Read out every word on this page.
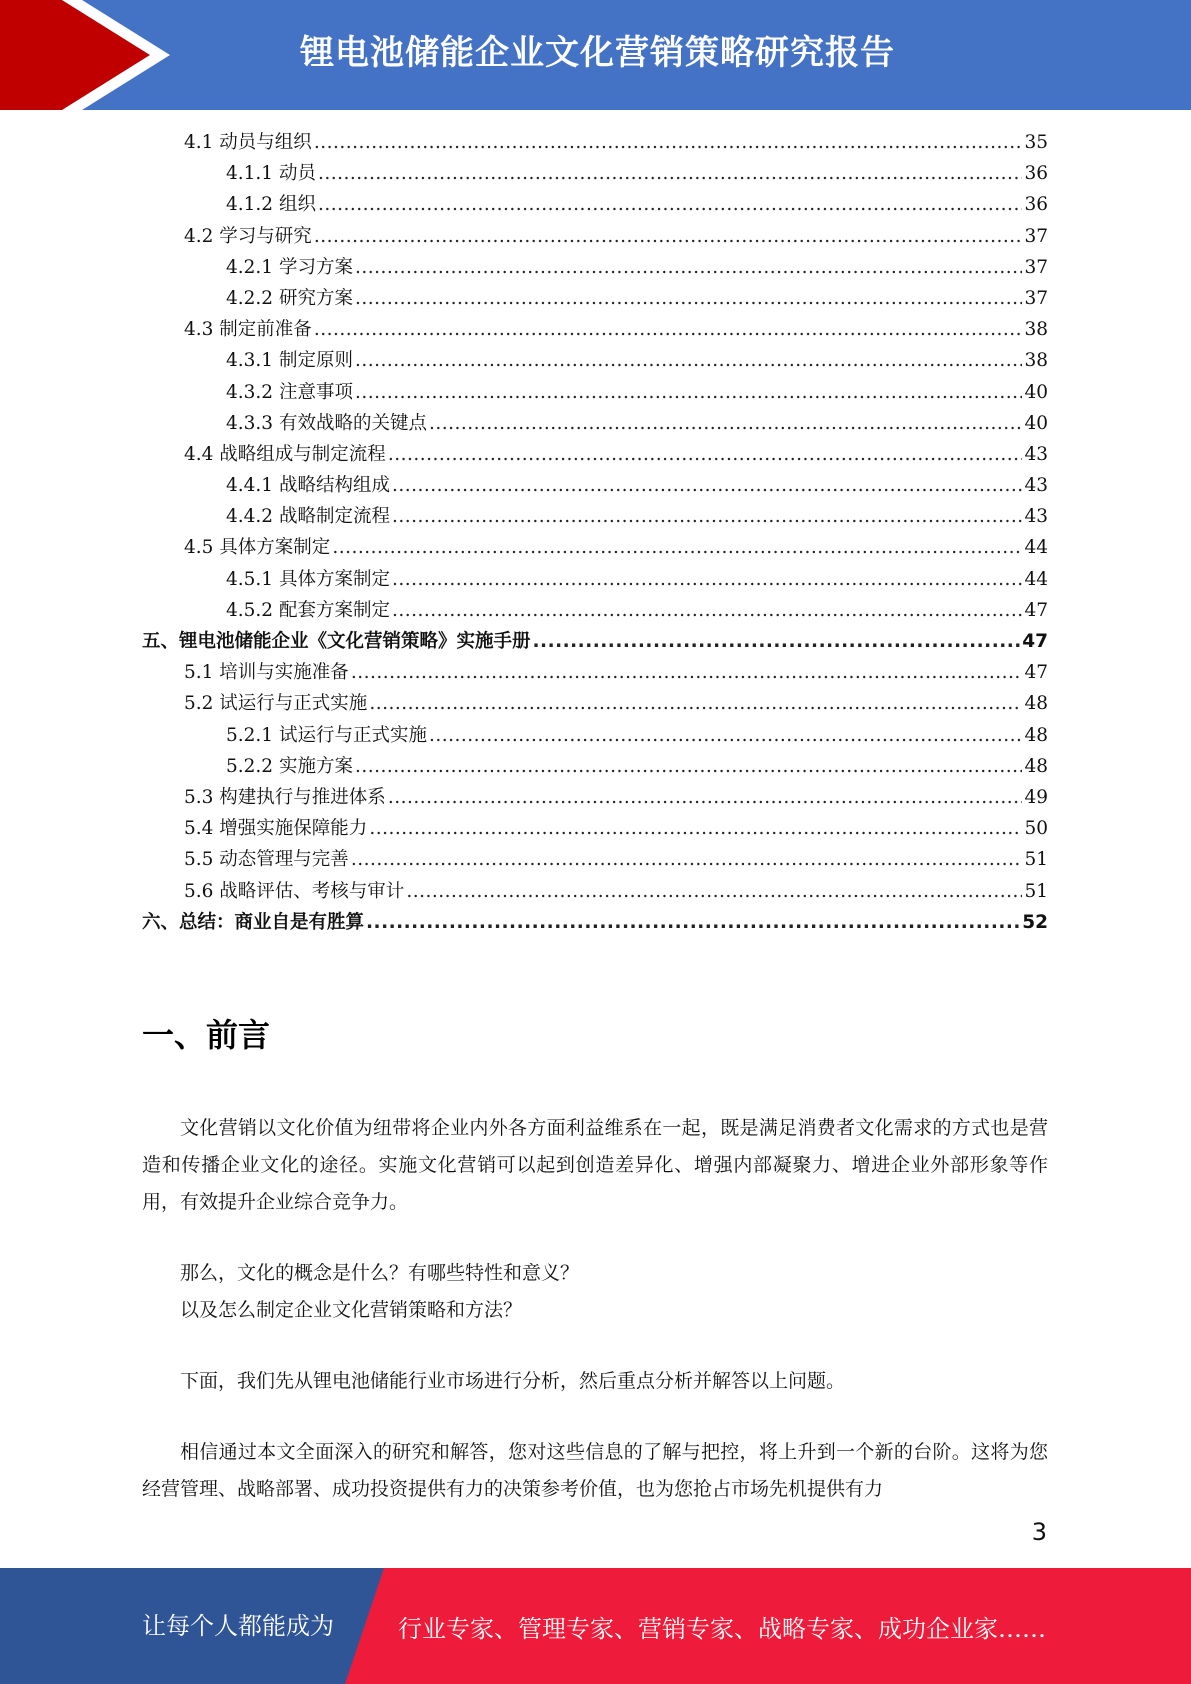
锂电池储能企业文化营销策略研究报告
4.1 动员与组织 .....	35
4.1.1 动员 .....	36
4.1.2 组织 .....	36
4.2 学习与研究 .....	37
4.2.1 学习方案 .....	37
4.2.2 研究方案 .....	37
4.3 制定前准备 .....	38
4.3.1 制定原则 .....	38
4.3.2 注意事项 .....	40
4.3.3 有效战略的关键点 .....	40
4.4 战略组成与制定流程 .....	43
4.4.1 战略结构组成 .....	43
4.4.2 战略制定流程 .....	43
4.5 具体方案制定 .....	44
4.5.1 具体方案制定 .....	44
4.5.2 配套方案制定 .....	47
五、锂电池储能企业《文化营销策略》实施手册 .....	47
5.1 培训与实施准备 .....	47
5.2 试运行与正式实施 .....	48
5.2.1 试运行与正式实施 .....	48
5.2.2 实施方案 .....	48
5.3 构建执行与推进体系 .....	49
5.4 增强实施保障能力 .....	50
5.5 动态管理与完善 .....	51
5.6 战略评估、考核与审计 .....	51
六、总结：商业自是有胜算 .....	52
一、前言

文化营销以文化价值为纽带将企业内外各方面利益维系在一起，既是满足消费者文化需求的方式也是营造和传播企业文化的途径。实施文化营销可以起到创造差异化、增强内部凝聚力、增进企业外部形象等作用，有效提升企业综合竞争力。

那么，文化的概念是什么？有哪些特性和意义？

以及怎么制定企业文化营销策略和方法？

下面，我们先从锂电池储能行业市场进行分析，然后重点分析并解答以上问题。

相信通过本文全面深入的研究和解答，您对这些信息的了解与把控，将上升到一个新的台阶。这将为您经营管理、战略部署、成功投资提供有力的决策参考价值，也为您抢占市场先机提供有力

3
让每个人都能成为	行业专家、管理专家、营销专家、战略专家、成功企业家……
